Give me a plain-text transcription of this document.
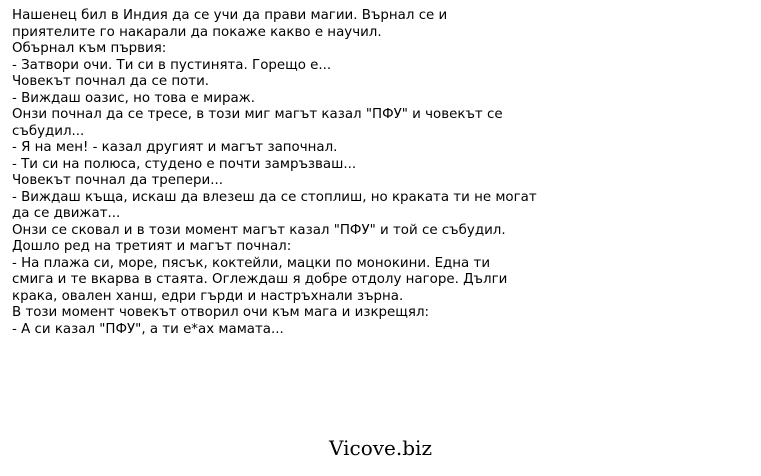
Нашенец бил в Индия да се учи да прави магии. Върнал се и
приятелите го накарали да покаже какво е научил.
Обърнал към първия:
- Затвори очи. Ти си в пустинята. Горещо е...
Човекът почнал да се поти.
- Виждаш оазис, но това е мираж.
Онзи почнал да се тресе, в този миг магът казал "ПФУ" и човекът се
събудил...
- Я на мен! - казал другият и магът започнал.
- Ти си на полюса, студено е почти замръзваш...
Човекът почнал да трепери...
- Виждаш къща, искаш да влезеш да се стоплиш, но краката ти не могат
да се движат...
Онзи се сковал и в този момент магът казал "ПФУ" и той се събудил.
Дошло ред на третият и магът почнал:
- На плажа си, море, пясък, коктейли, мацки по монокини. Една ти
смига и те вкарва в стаята. Оглеждаш я добре отдолу нагоре. Дълги
крака, овален ханш, едри гърди и настръхнали зърна.
В този момент човекът отворил очи към мага и изкрещял:
- А си казал "ПФУ", а ти е*ах мамата...
Vicove.biz
